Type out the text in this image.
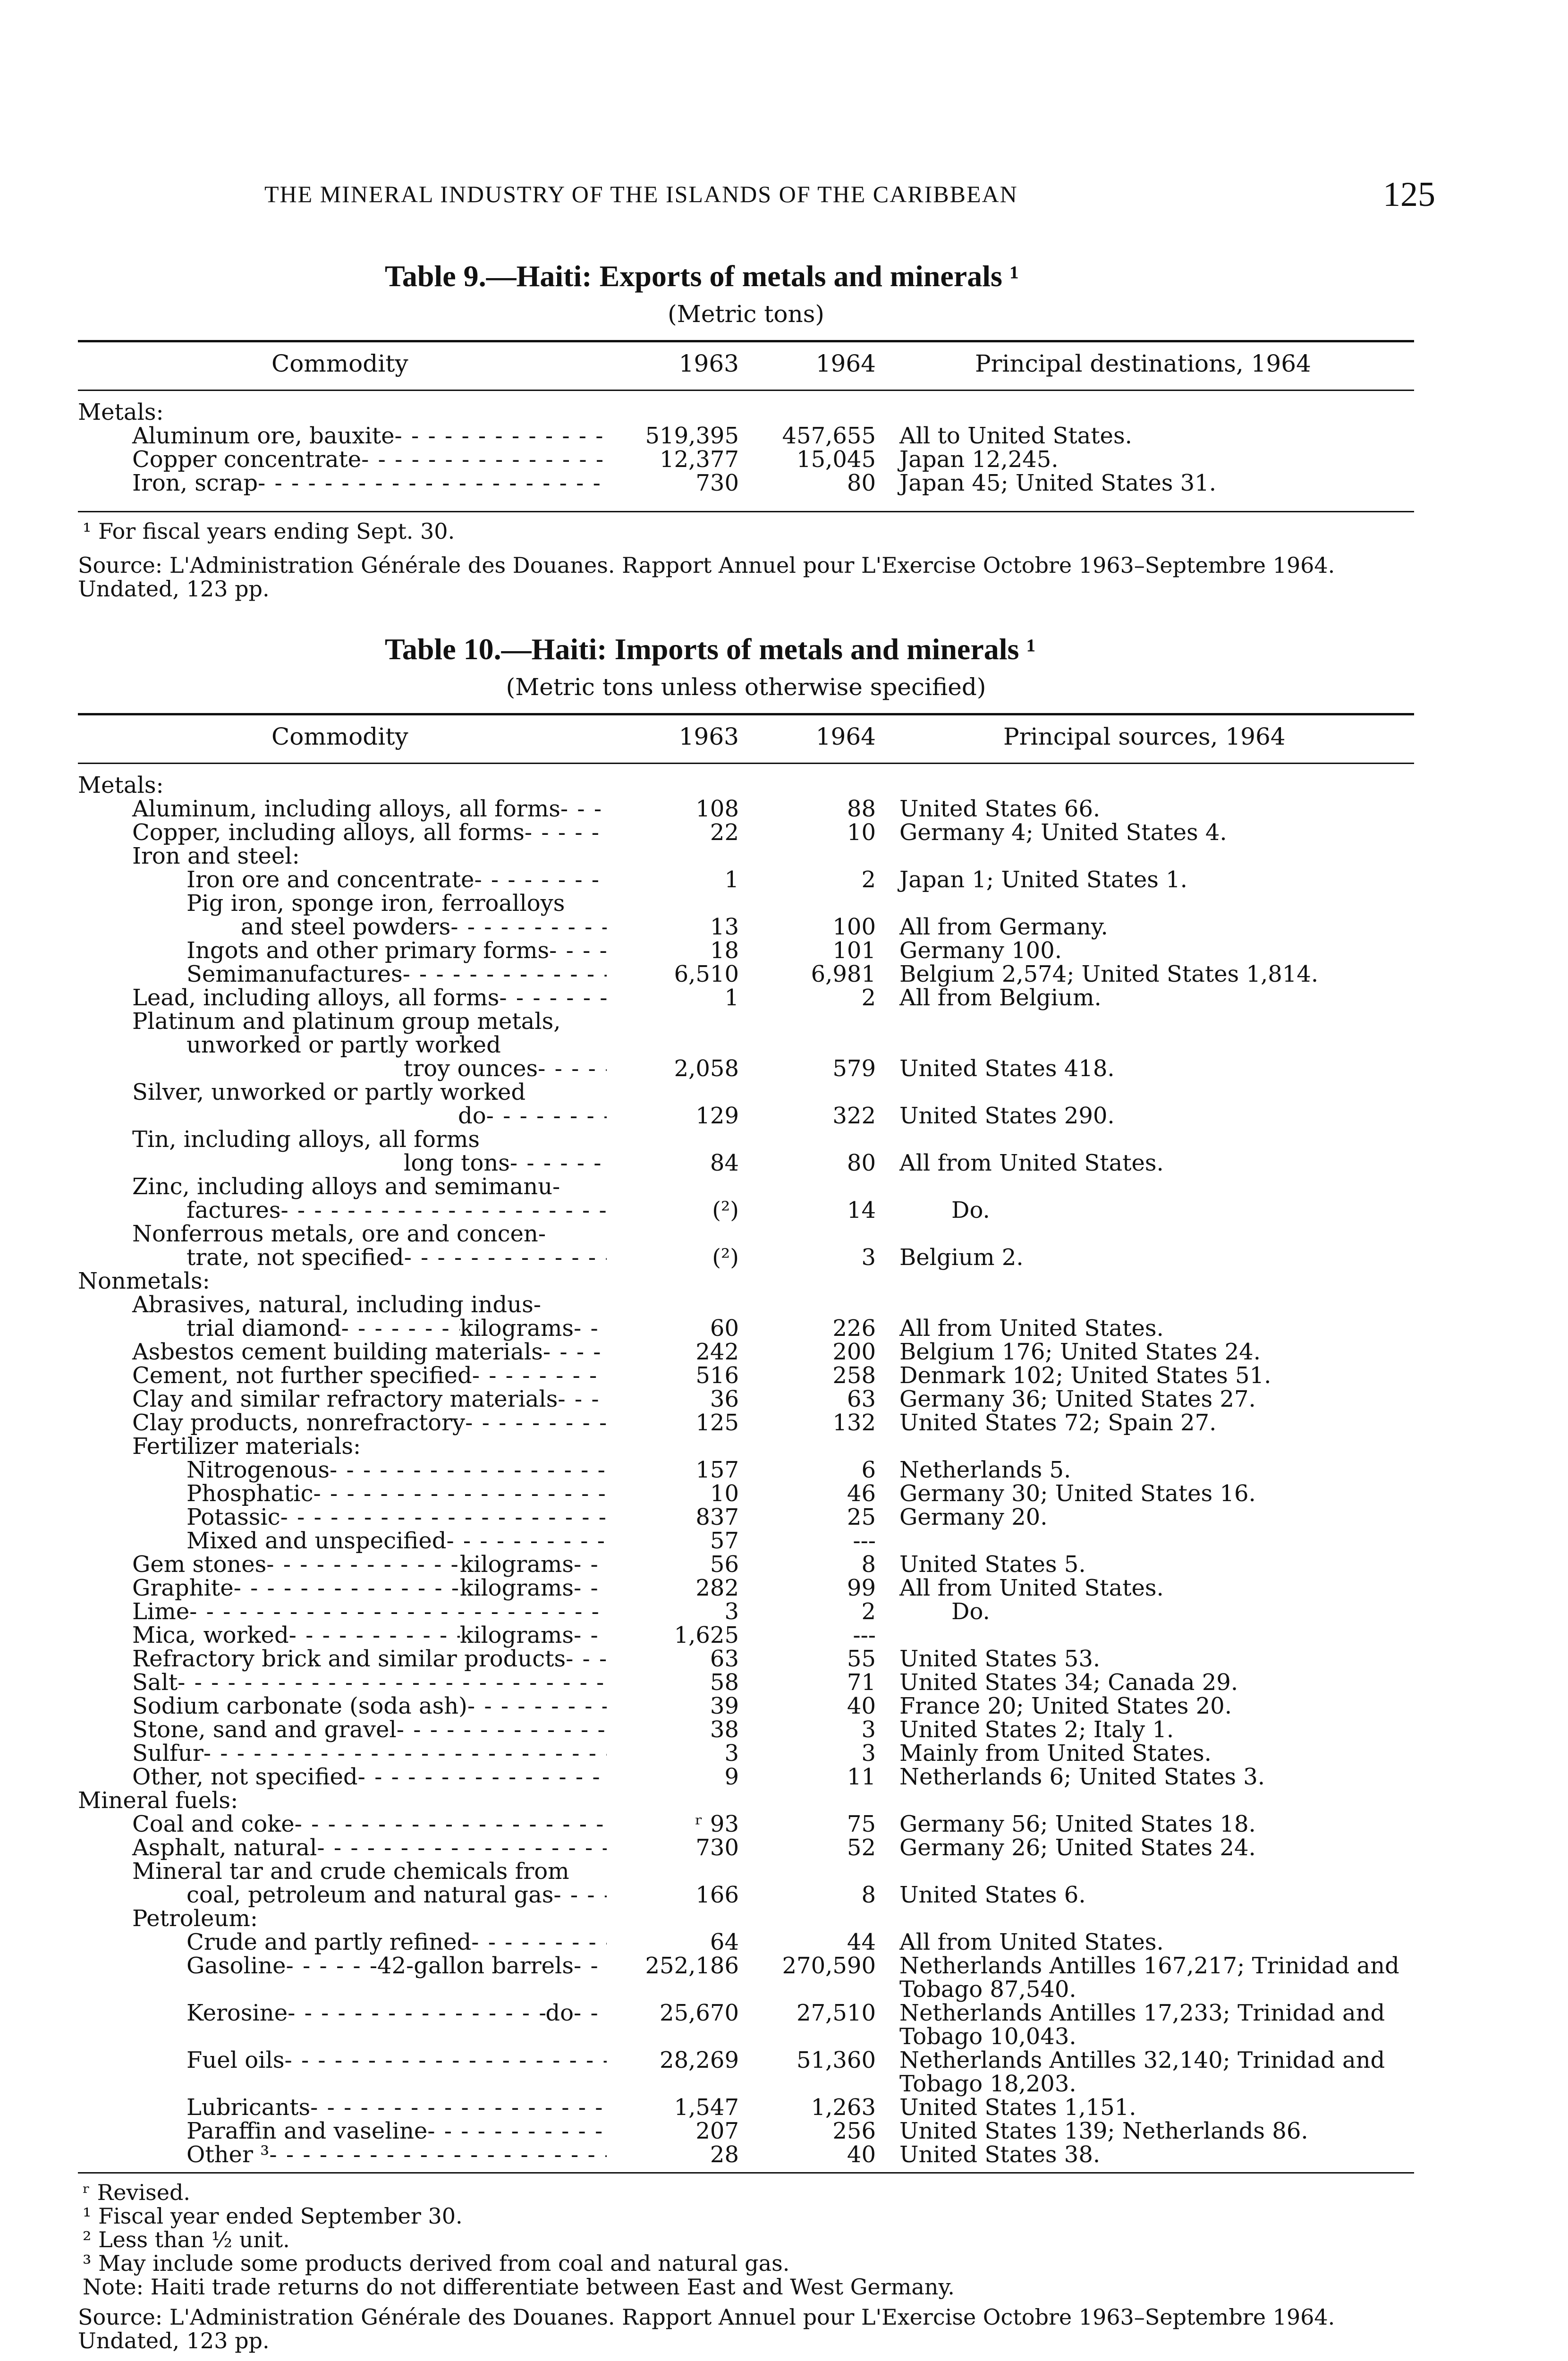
THE MINERAL INDUSTRY OF THE ISLANDS OF THE CARIBBEAN	125
Table 9.—Haiti: Exports of metals and minerals ¹
(Metric tons)
Commodity	1963	1964	Principal destinations, 1964
Metals:
Aluminum ore, bauxite - - -	519,395	457,655 All to United States.
Copper concentrate - - -	12,377	15,045 Japan 12,245.
Iron, scrap - - -	730	80 Japan 45; United States 31.
¹ For fiscal years ending Sept. 30.
Source: L'Administration Générale des Douanes. Rapport Annuel pour L'Exercise Octobre 1963–Septembre 1964. Undated, 123 pp.
Table 10.—Haiti: Imports of metals and minerals ¹
(Metric tons unless otherwise specified)
Commodity	1963	1964	Principal sources, 1964
Metals:
Aluminum, including alloys, all forms - - -	108	88 United States 66.
Copper, including alloys, all forms - - -	22	10 Germany 4; United States 4.
Iron and steel:
Iron ore and concentrate - - -	1	2 Japan 1; United States 1.
Pig iron, sponge iron, ferroalloys
and steel powders - - -	13	100 All from Germany.
Ingots and other primary forms - - -	18	101 Germany 100.
Semimanufactures - - -	6,510	6,981 Belgium 2,574; United States 1,814.
Lead, including alloys, all forms - - -	1	2 All from Belgium.
Platinum and platinum group metals,
unworked or partly worked
troy ounces - - -	2,058	579 United States 418.
Silver, unworked or partly worked
do - - -	129	322 United States 290.
Tin, including alloys, all forms
long tons - - -	84	80 All from United States.
Zinc, including alloys and semimanu-
factures - - -	(²)	14	Do.
Nonferrous metals, ore and concen-
trate, not specified - - -	(²)	3 Belgium 2.
Nonmetals:
Abrasives, natural, including indus-
trial diamond - - -	kilograms - - -	60	226 All from United States.
Asbestos cement building materials - - -	242	200 Belgium 176; United States 24.
Cement, not further specified - - -	516	258 Denmark 102; United States 51.
Clay and similar refractory materials - - -	36	63 Germany 36; United States 27.
Clay products, nonrefractory - - -	125	132 United States 72; Spain 27.
Fertilizer materials:
Nitrogenous - - -	157	6 Netherlands 5.
Phosphatic - - -	10	46 Germany 30; United States 16.
Potassic - - -	837	25 Germany 20.
Mixed and unspecified - - -	57	---
Gem stones - - -	kilograms - - -	56	8 United States 5.
Graphite - - -	kilograms - - -	282	99 All from United States.
Lime - - -	3	2	Do.
Mica, worked - - -	kilograms - - -	1,625	---
Refractory brick and similar products - - -	63	55 United States 53.
Salt - - -	58	71 United States 34; Canada 29.
Sodium carbonate (soda ash) - - -	39	40 France 20; United States 20.
Stone, sand and gravel - - -	38	3 United States 2; Italy 1.
Sulfur - - -	3	3 Mainly from United States.
Other, not specified - - -	9	11 Netherlands 6; United States 3.
Mineral fuels:
Coal and coke - - -	ʳ 93	75 Germany 56; United States 18.
Asphalt, natural - - -	730	52 Germany 26; United States 24.
Mineral tar and crude chemicals from
coal, petroleum and natural gas - - -	166	8 United States 6.
Petroleum:
Crude and partly refined - - -	64	44 All from United States.
Gasoline - - -	42-gallon barrels - - -	252,186	270,590 Netherlands Antilles 167,217; Trinidad and Tobago 87,540.
Kerosine - - -	do - - -	25,670	27,510 Netherlands Antilles 17,233; Trinidad and Tobago 10,043.
Fuel oils - - -	28,269	51,360 Netherlands Antilles 32,140; Trinidad and Tobago 18,203.
Lubricants - - -	1,547	1,263 United States 1,151.
Paraffin and vaseline - - -	207	256 United States 139; Netherlands 86.
Other ³ - - -	28	40 United States 38.
ʳ Revised.
¹ Fiscal year ended September 30.
² Less than ½ unit.
³ May include some products derived from coal and natural gas.
Note: Haiti trade returns do not differentiate between East and West Germany.
Source: L'Administration Générale des Douanes. Rapport Annuel pour L'Exercise Octobre 1963–Septembre 1964. Undated, 123 pp.
